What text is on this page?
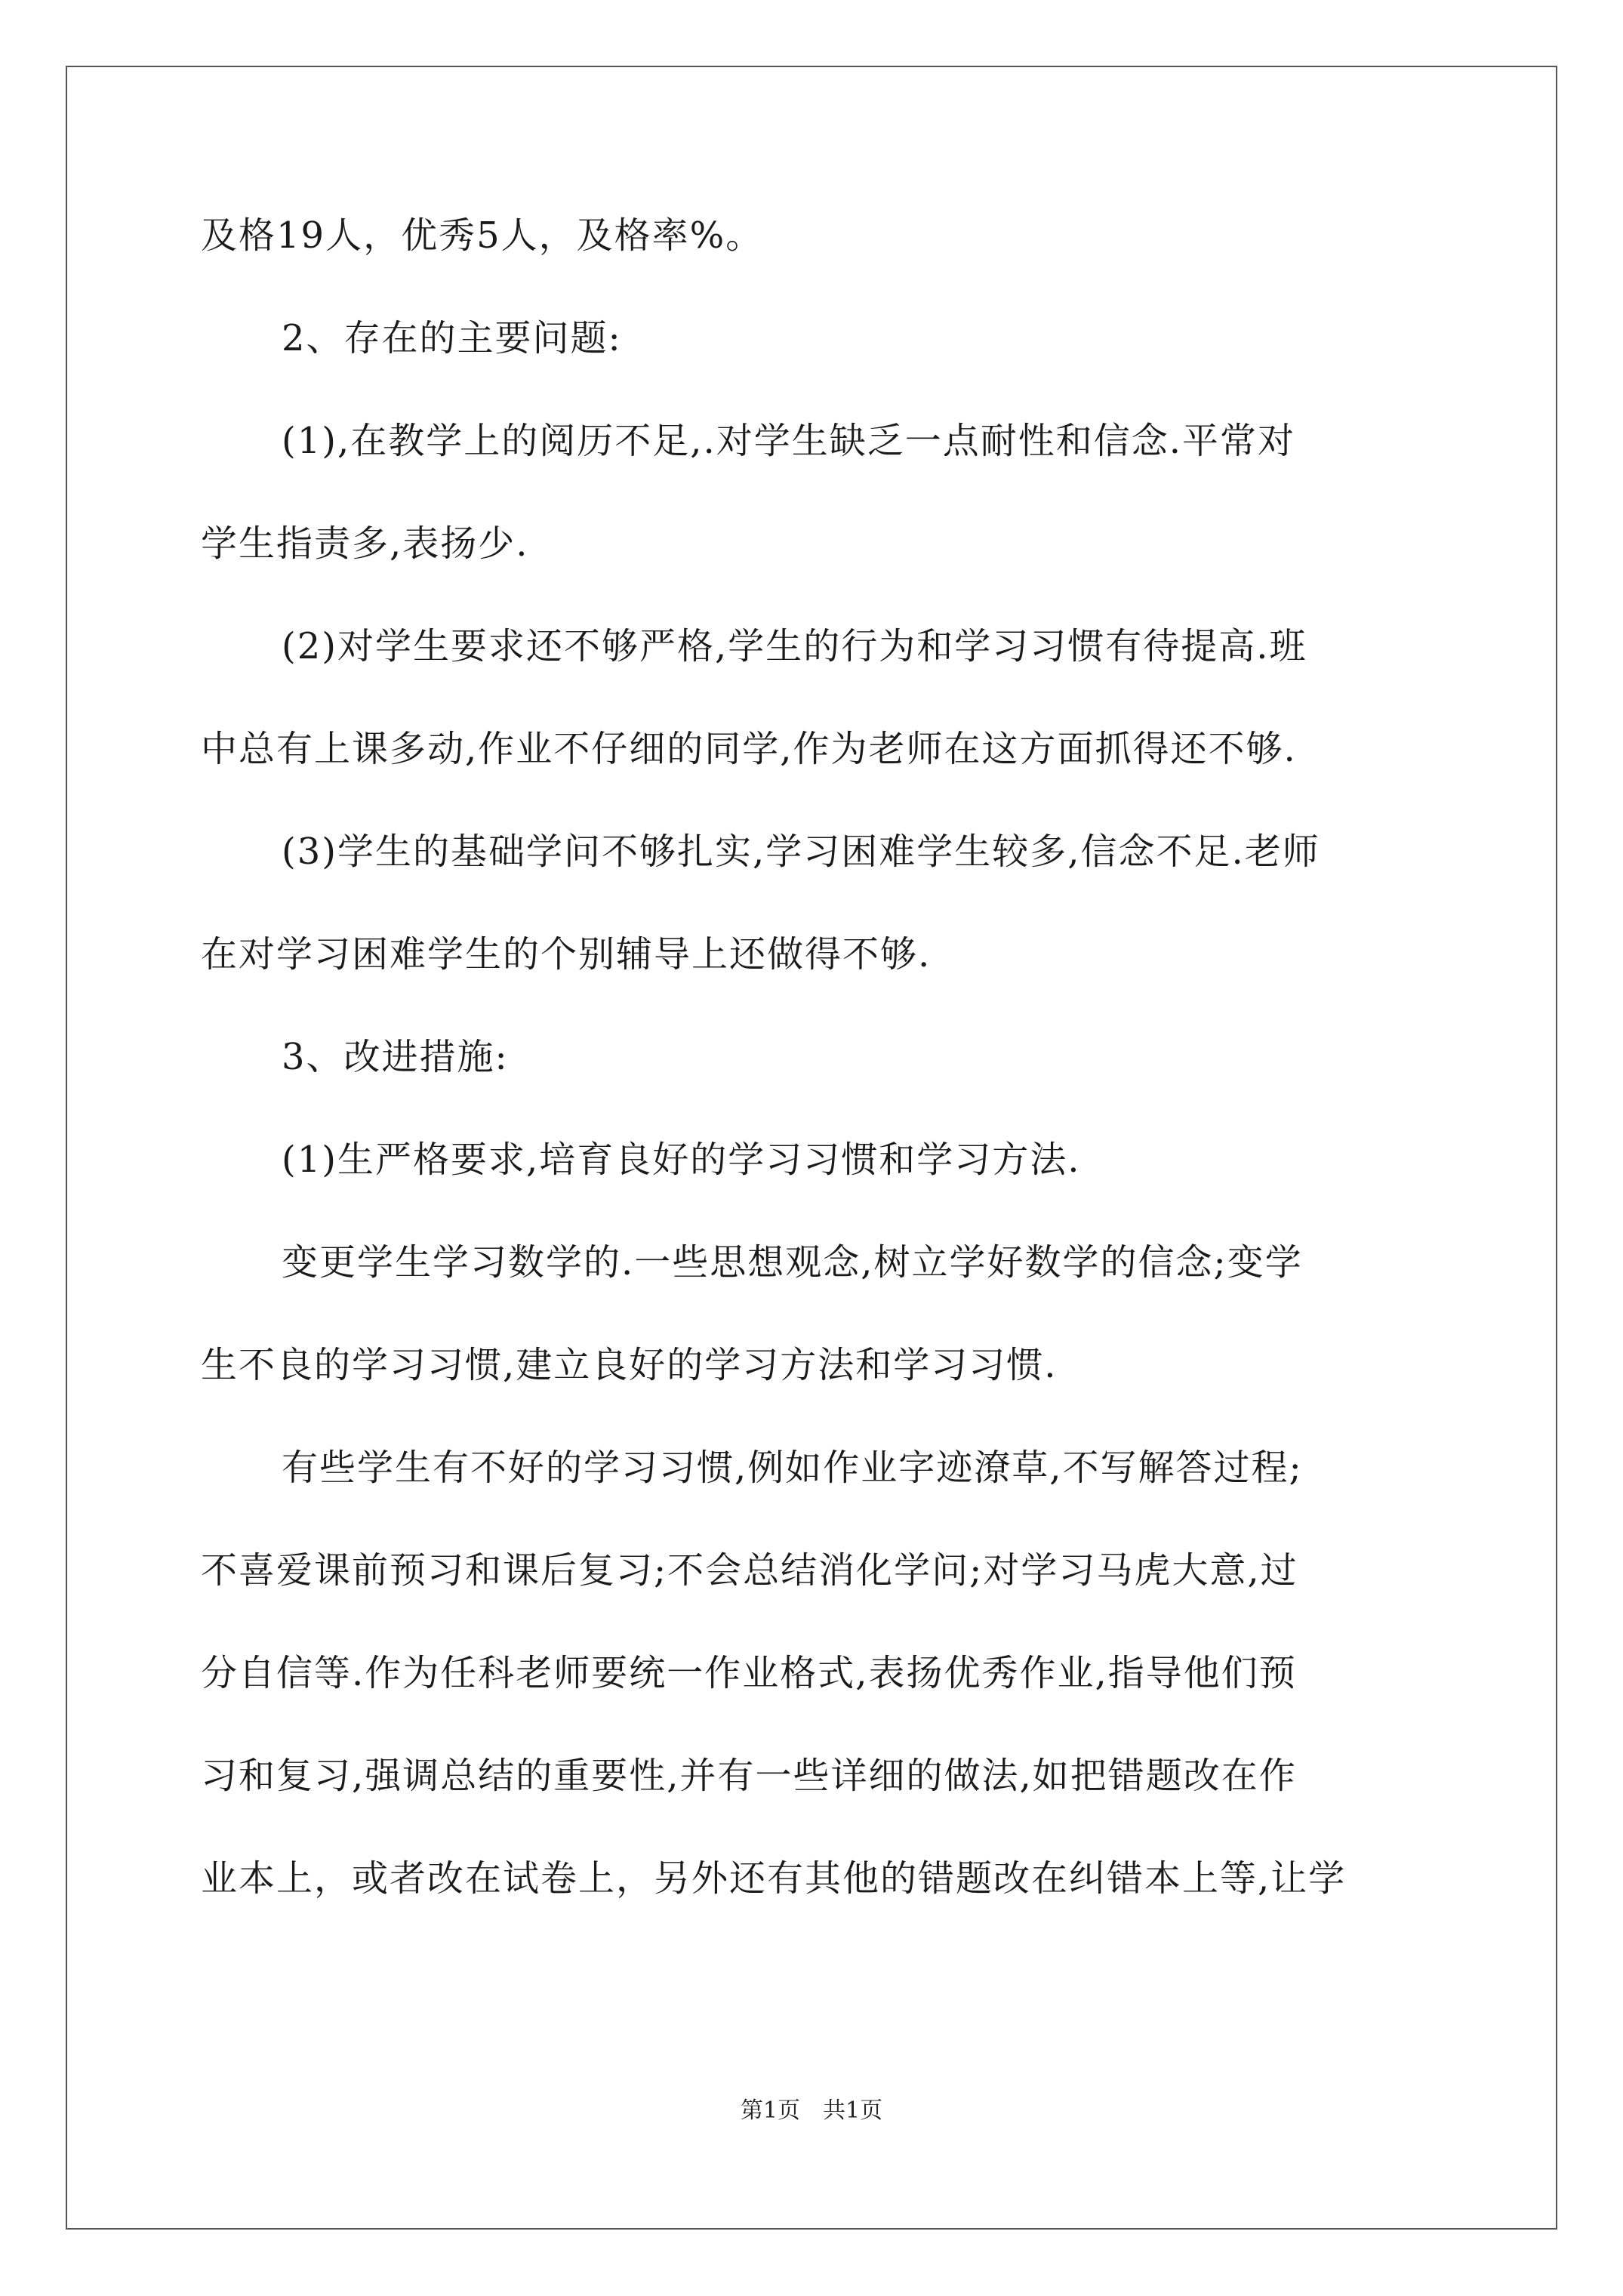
及格19人，优秀5人，及格率%。
2、存在的主要问题:
(1),在教学上的阅历不足,.对学生缺乏一点耐性和信念.平常对
学生指责多,表扬少.
(2)对学生要求还不够严格,学生的行为和学习习惯有待提高.班
中总有上课多动,作业不仔细的同学,作为老师在这方面抓得还不够.
(3)学生的基础学问不够扎实,学习困难学生较多,信念不足.老师
在对学习困难学生的个别辅导上还做得不够.
3、改进措施:
(1)生严格要求,培育良好的学习习惯和学习方法.
变更学生学习数学的.一些思想观念,树立学好数学的信念;变学
生不良的学习习惯,建立良好的学习方法和学习习惯.
有些学生有不好的学习习惯,例如作业字迹潦草,不写解答过程;
不喜爱课前预习和课后复习;不会总结消化学问;对学习马虎大意,过
分自信等.作为任科老师要统一作业格式,表扬优秀作业,指导他们预
习和复习,强调总结的重要性,并有一些详细的做法,如把错题改在作
业本上，或者改在试卷上，另外还有其他的错题改在纠错本上等,让学
第1页　共1页
